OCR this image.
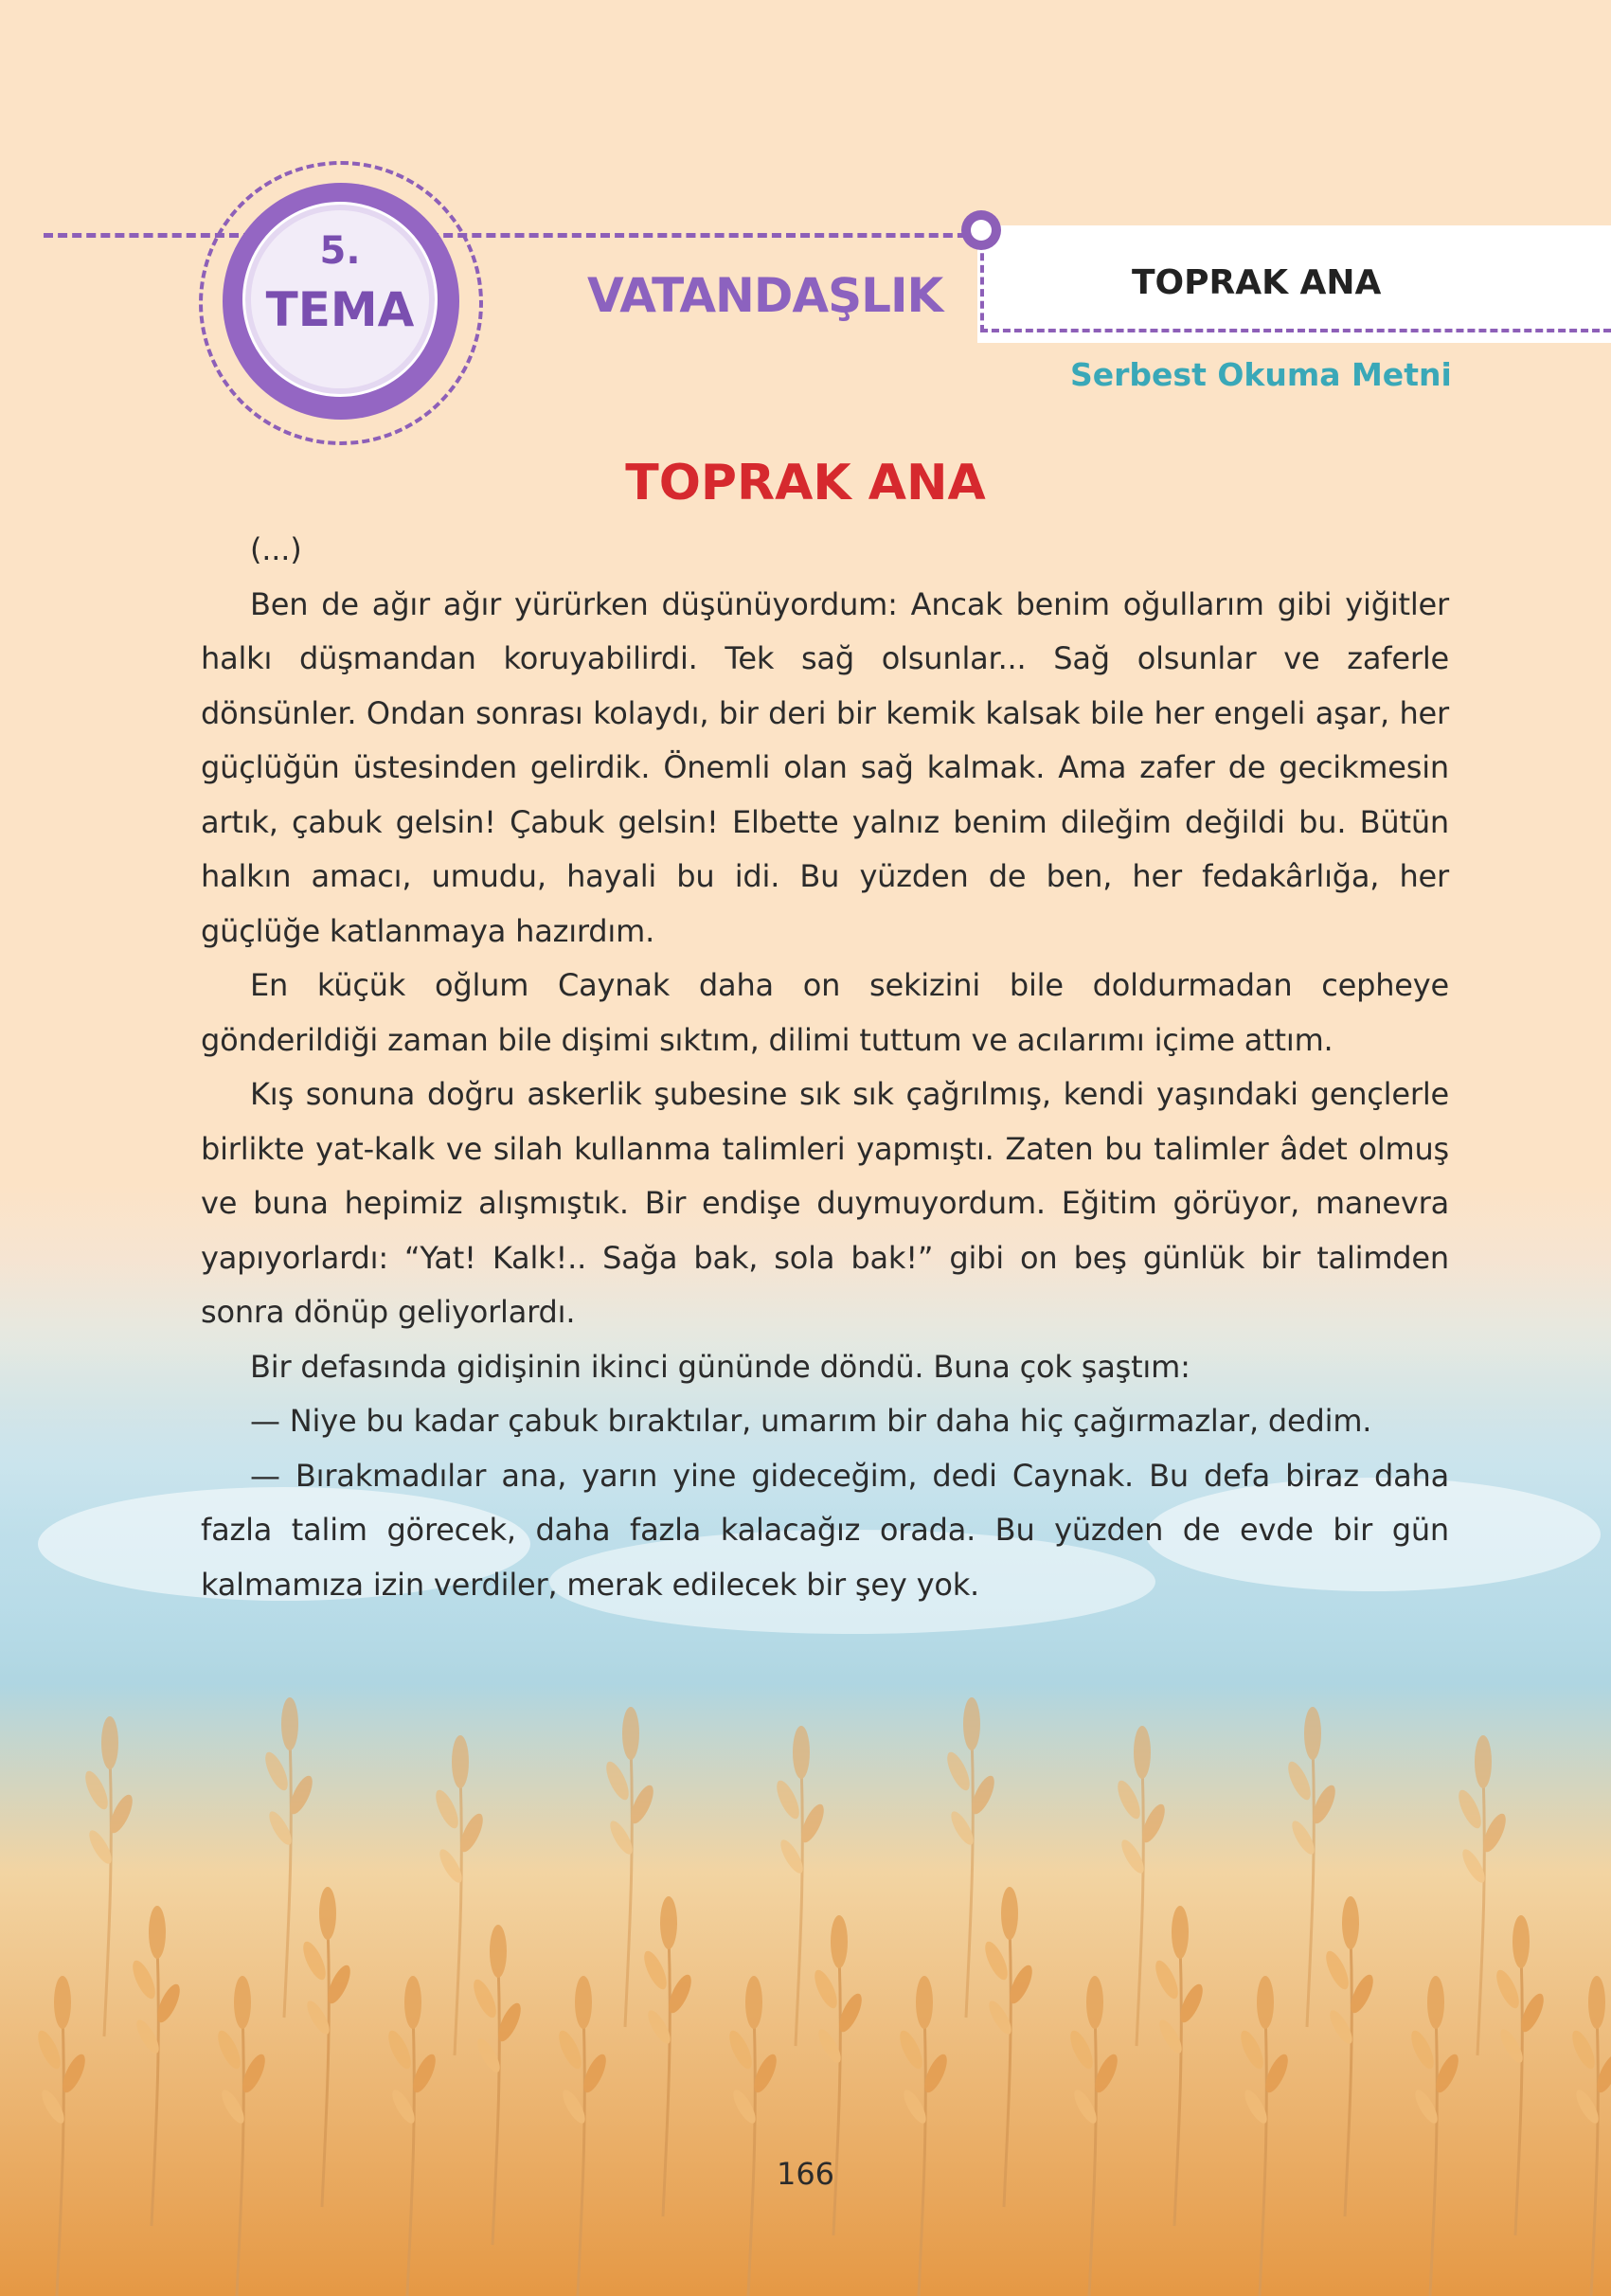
TOPRAK ANA
Serbest Okuma Metni
5.
TEMA	VATANDAŞLIK
TOPRAK ANA

(...)

Ben de ağır ağır yürürken düşünüyordum: Ancak benim oğullarım gibi yiğitler halkı düşmandan koruyabilirdi. Tek sağ olsunlar... Sağ olsunlar ve zaferle dönsünler. Ondan sonrası kolaydı, bir deri bir kemik kalsak bile her engeli aşar, her güçlüğün üstesinden gelirdik. Önemli olan sağ kalmak. Ama zafer de gecikmesin artık, çabuk gelsin! Çabuk gelsin! Elbette yalnız benim dileğim değildi bu. Bütün halkın amacı, umudu, hayali bu idi. Bu yüzden de ben, her fedakârlığa, her güçlüğe katlanmaya hazırdım.

En küçük oğlum Caynak daha on sekizini bile doldurmadan cepheye gönderildiği zaman bile dişimi sıktım, dilimi tuttum ve acılarımı içime attım.

Kış sonuna doğru askerlik şubesine sık sık çağrılmış, kendi yaşındaki gençlerle birlikte yat-kalk ve silah kullanma talimleri yapmıştı. Zaten bu talimler âdet olmuş ve buna hepimiz alışmıştık. Bir endişe duymuyordum. Eğitim görüyor, manevra yapıyorlardı: “Yat! Kalk!.. Sağa bak, sola bak!” gibi on beş günlük bir talimden sonra dönüp geliyorlardı.

Bir defasında gidişinin ikinci gününde döndü. Buna çok şaştım:

— Niye bu kadar çabuk bıraktılar, umarım bir daha hiç çağırmazlar, dedim.

— Bırakmadılar ana, yarın yine gideceğim, dedi Caynak. Bu defa biraz daha fazla talim görecek, daha fazla kalacağız orada. Bu yüzden de evde bir gün kalmamıza izin verdiler, merak edilecek bir şey yok.

166
